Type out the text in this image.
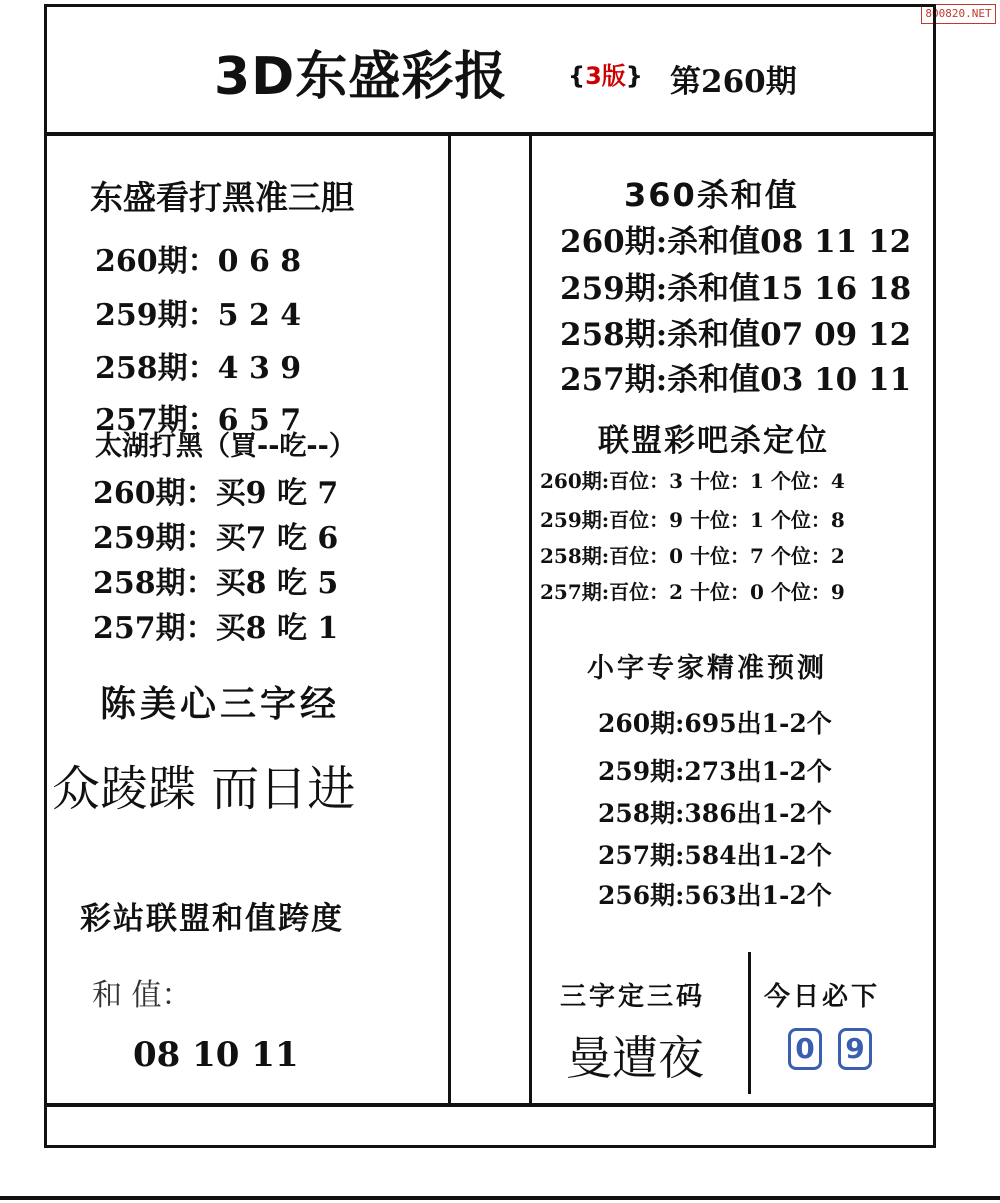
800820.NET
3D东盛彩报	{3版} 第260期
东盛看打黑准三胆
260期：0 6 8
259期：5 2 4
258期：4 3 9
257期：6 5 7
太湖打黑（買--吃--）
260期：买9 吃 7
259期：买7 吃 6
258期：买8 吃 5
257期：买8 吃 1
陈美心三字经
众踜蹀 而日进
彩站联盟和值跨度
和 值：
08 10 11
360杀和值
260期:杀和值08 11 12
259期:杀和值15 16 18
258期:杀和值07 09 12
257期:杀和值03 10 11
联盟彩吧杀定位
260期:百位：3 十位：1 个位：4
259期:百位：9 十位：1 个位：8
258期:百位：0 十位：7 个位：2
257期:百位：2 十位：0 个位：9
小字专家精准预测
260期:695出1-2个
259期:273出1-2个
258期:386出1-2个
257期:584出1-2个
256期:563出1-2个
三字定三码
曼遭夜
今日必下
0 9
